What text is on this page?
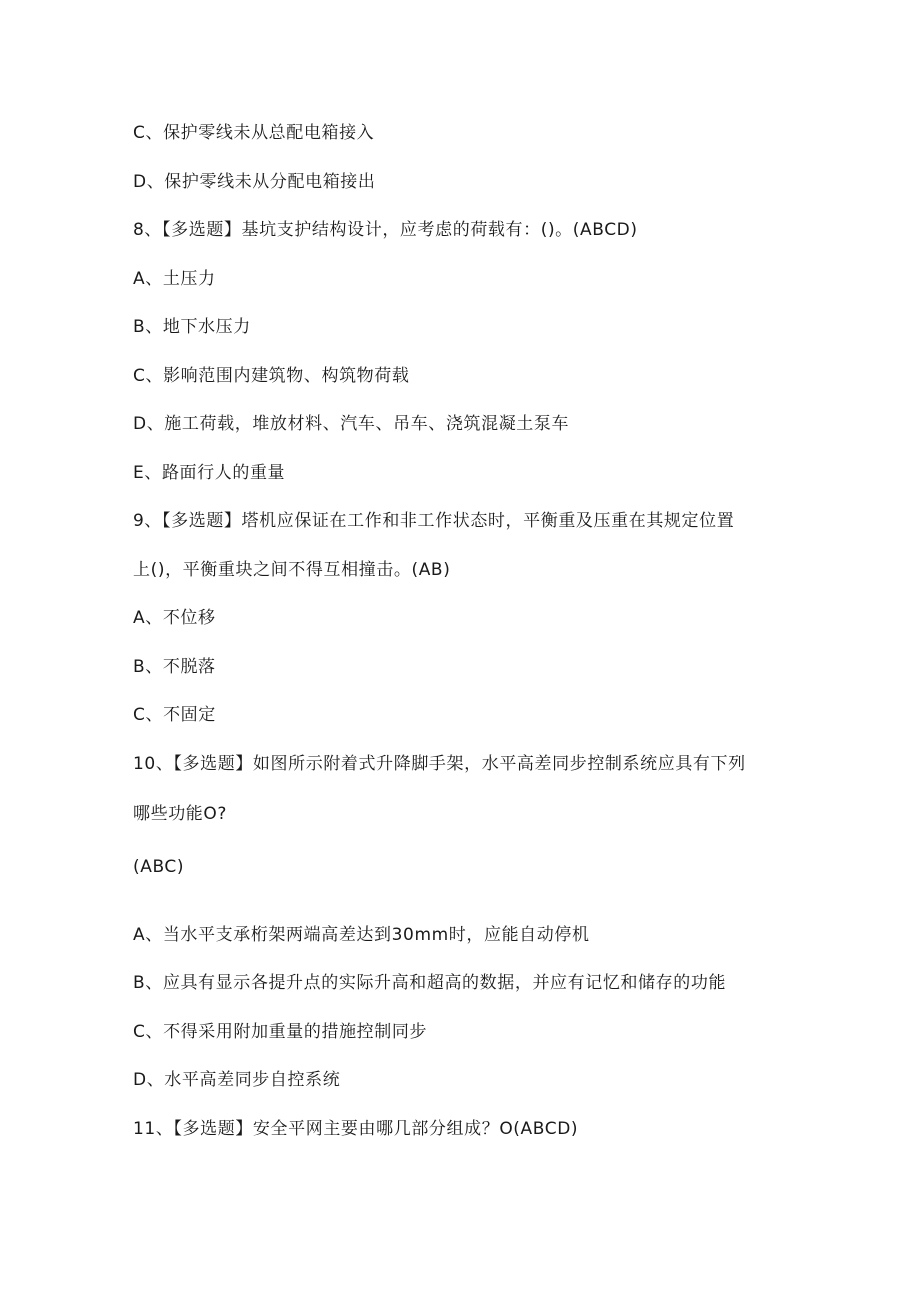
C、保护零线未从总配电箱接入

D、保护零线未从分配电箱接出

8、【多选题】基坑支护结构设计，应考虑的荷载有：()。(ABCD)

A、土压力

B、地下水压力

C、影响范围内建筑物、构筑物荷载

D、施工荷载，堆放材料、汽车、吊车、浇筑混凝土泵车

E、路面行人的重量

9、【多选题】塔机应保证在工作和非工作状态时，平衡重及压重在其规定位置

上()，平衡重块之间不得互相撞击。(AB)

A、不位移

B、不脱落

C、不固定

10、【多选题】如图所示附着式升降脚手架，水平高差同步控制系统应具有下列

哪些功能O?

(ABC)

A、当水平支承桁架两端高差达到30mm时，应能自动停机

B、应具有显示各提升点的实际升高和超高的数据，并应有记忆和储存的功能

C、不得采用附加重量的措施控制同步

D、水平高差同步自控系统

11、【多选题】安全平网主要由哪几部分组成？O(ABCD)
